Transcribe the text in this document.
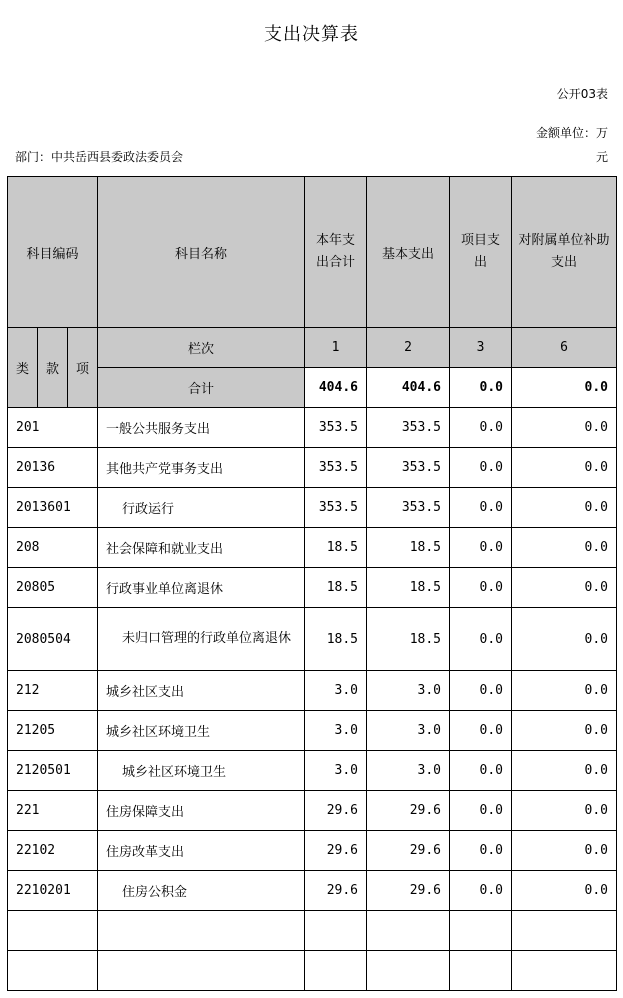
支出决算表
公开03表
金额单位：万
元
部门：中共岳西县委政法委员会
科目编码			科目名称	本年支出合计	基本支出	项目支出	对附属单位补助支出
类	款	项	栏次	1	2	3	6
			合计	404.6	404.6	0.0	0.0
201			一般公共服务支出	353.5	353.5	0.0	0.0
20136			其他共产党事务支出	353.5	353.5	0.0	0.0
2013601			行政运行	353.5	353.5	0.0	0.0
208			社会保障和就业支出	18.5	18.5	0.0	0.0
20805			行政事业单位离退休	18.5	18.5	0.0	0.0
2080504			未归口管理的行政单位离退休	18.5	18.5	0.0	0.0
212			城乡社区支出	3.0	3.0	0.0	0.0
21205			城乡社区环境卫生	3.0	3.0	0.0	0.0
2120501			城乡社区环境卫生	3.0	3.0	0.0	0.0
221			住房保障支出	29.6	29.6	0.0	0.0
22102			住房改革支出	29.6	29.6	0.0	0.0
2210201			住房公积金	29.6	29.6	0.0	0.0
